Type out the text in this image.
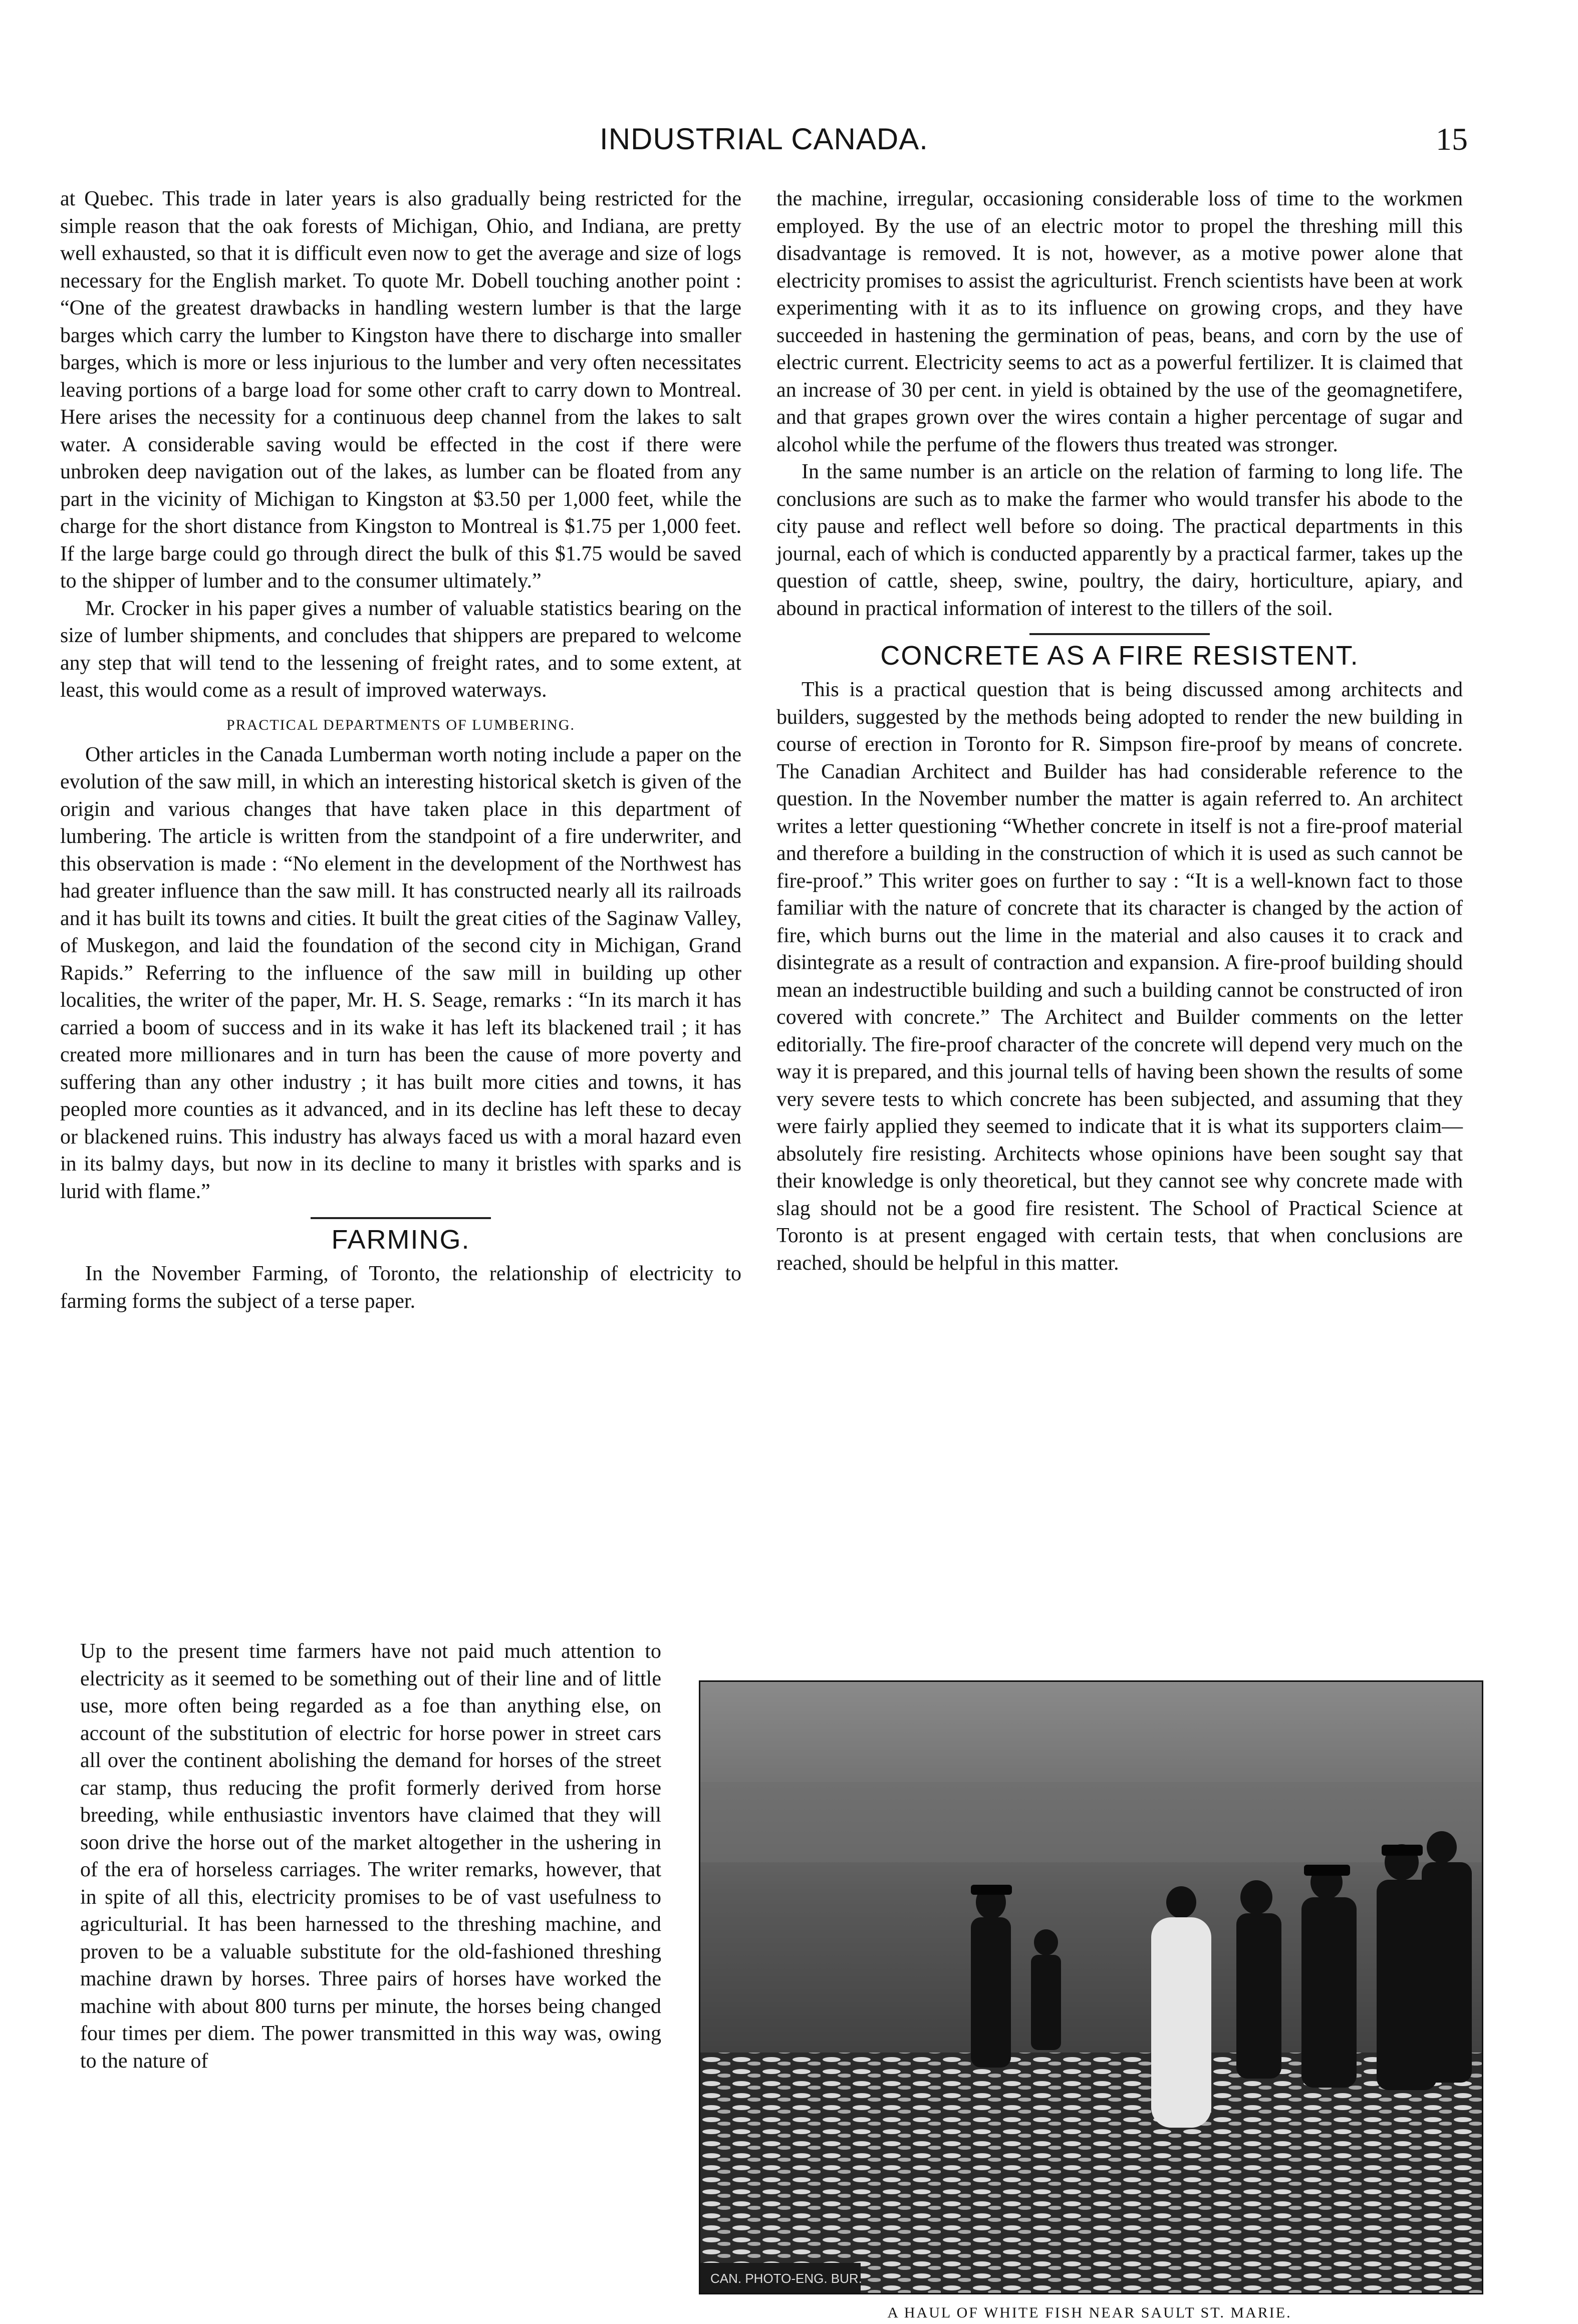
INDUSTRIAL CANADA.	15

at Quebec. This trade in later years is also gradually being restricted for the simple reason that the oak forests of Michigan, Ohio, and Indiana, are pretty well exhausted, so that it is difficult even now to get the average and size of logs necessary for the English market. To quote Mr. Dobell touching another point : “One of the greatest drawbacks in handling western lumber is that the large barges which carry the lumber to Kingston have there to discharge into smaller barges, which is more or less injurious to the lumber and very often necessitates leaving portions of a barge load for some other craft to carry down to Montreal. Here arises the necessity for a continuous deep channel from the lakes to salt water. A considerable saving would be effected in the cost if there were unbroken deep navigation out of the lakes, as lumber can be floated from any part in the vicinity of Michigan to Kingston at $3.50 per 1,000 feet, while the charge for the short distance from Kingston to Montreal is $1.75 per 1,000 feet. If the large barge could go through direct the bulk of this $1.75 would be saved to the shipper of lumber and to the consumer ultimately.”

Mr. Crocker in his paper gives a number of valuable statistics bearing on the size of lumber shipments, and concludes that shippers are prepared to welcome any step that will tend to the lessening of freight rates, and to some extent, at least, this would come as a result of improved waterways.

PRACTICAL DEPARTMENTS OF LUMBERING.

Other articles in the Canada Lumberman worth noting include a paper on the evolution of the saw mill, in which an interesting historical sketch is given of the origin and various changes that have taken place in this department of lumbering. The article is written from the standpoint of a fire underwriter, and this observation is made : “No element in the development of the Northwest has had greater influence than the saw mill. It has constructed nearly all its railroads and it has built its towns and cities. It built the great cities of the Saginaw Valley, of Muskegon, and laid the foundation of the second city in Michigan, Grand Rapids.” Referring to the influence of the saw mill in building up other localities, the writer of the paper, Mr. H. S. Seage, remarks : “In its march it has carried a boom of success and in its wake it has left its blackened trail ; it has created more millionares and in turn has been the cause of more poverty and suffering than any other industry ; it has built more cities and towns, it has peopled more counties as it advanced, and in its decline has left these to decay or blackened ruins. This industry has always faced us with a moral hazard even in its balmy days, but now in its decline to many it bristles with sparks and is lurid with flame.”

FARMING.

In the November Farming, of Toronto, the relationship of electricity to farming forms the subject of a terse paper.

Up to the present time farmers have not paid much attention to electricity as it seemed to be something out of their line and of little use, more often being regarded as a foe than anything else, on account of the substitution of electric for horse power in street cars all over the continent abolishing the demand for horses of the street car stamp, thus reducing the profit formerly derived from horse breeding, while enthusiastic inventors have claimed that they will soon drive the horse out of the market altogether in the ushering in of the era of horseless carriages. The writer remarks, however, that in spite of all this, electricity promises to be of vast usefulness to agriculturial. It has been harnessed to the threshing machine, and proven to be a valuable substitute for the old-fashioned threshing machine drawn by horses. Three pairs of horses have worked the machine with about 800 turns per minute, the horses being changed four times per diem. The power transmitted in this way was, owing to the nature of

the machine, irregular, occasioning considerable loss of time to the workmen employed. By the use of an electric motor to propel the threshing mill this disadvantage is removed. It is not, however, as a motive power alone that electricity promises to assist the agriculturist. French scientists have been at work experimenting with it as to its influence on growing crops, and they have succeeded in hastening the germination of peas, beans, and corn by the use of electric current. Electricity seems to act as a powerful fertilizer. It is claimed that an increase of 30 per cent. in yield is obtained by the use of the geomagnetifere, and that grapes grown over the wires contain a higher percentage of sugar and alcohol while the perfume of the flowers thus treated was stronger.

In the same number is an article on the relation of farming to long life. The conclusions are such as to make the farmer who would transfer his abode to the city pause and reflect well before so doing. The practical departments in this journal, each of which is conducted apparently by a practical farmer, takes up the question of cattle, sheep, swine, poultry, the dairy, horticulture, apiary, and abound in practical information of interest to the tillers of the soil.

CONCRETE AS A FIRE RESISTENT.

This is a practical question that is being discussed among architects and builders, suggested by the methods being adopted to render the new building in course of erection in Toronto for R. Simpson fire-proof by means of concrete. The Canadian Architect and Builder has had considerable reference to the question. In the November number the matter is again referred to. An architect writes a letter questioning “Whether concrete in itself is not a fire-proof material and therefore a building in the construction of which it is used as such cannot be fire-proof.” This writer goes on further to say : “It is a well-known fact to those familiar with the nature of concrete that its character is changed by the action of fire, which burns out the lime in the material and also causes it to crack and disintegrate as a result of contraction and expansion. A fire-proof building should mean an indestructible building and such a building cannot be constructed of iron covered with concrete.” The Architect and Builder comments on the letter editorially. The fire-proof character of the concrete will depend very much on the way it is prepared, and this journal tells of having been shown the results of some very severe tests to which concrete has been subjected, and assuming that they were fairly applied they seemed to indicate that it is what its supporters claim—absolutely fire resisting. Architects whose opinions have been sought say that their knowledge is only theoretical, but they cannot see why concrete made with slag should not be a good fire resistent. The School of Practical Science at Toronto is at present engaged with certain tests, that when conclusions are reached, should be helpful in this matter.

CAN. PHOTO-ENG. BUR.
A HAUL OF WHITE FISH NEAR SAULT ST. MARIE.
